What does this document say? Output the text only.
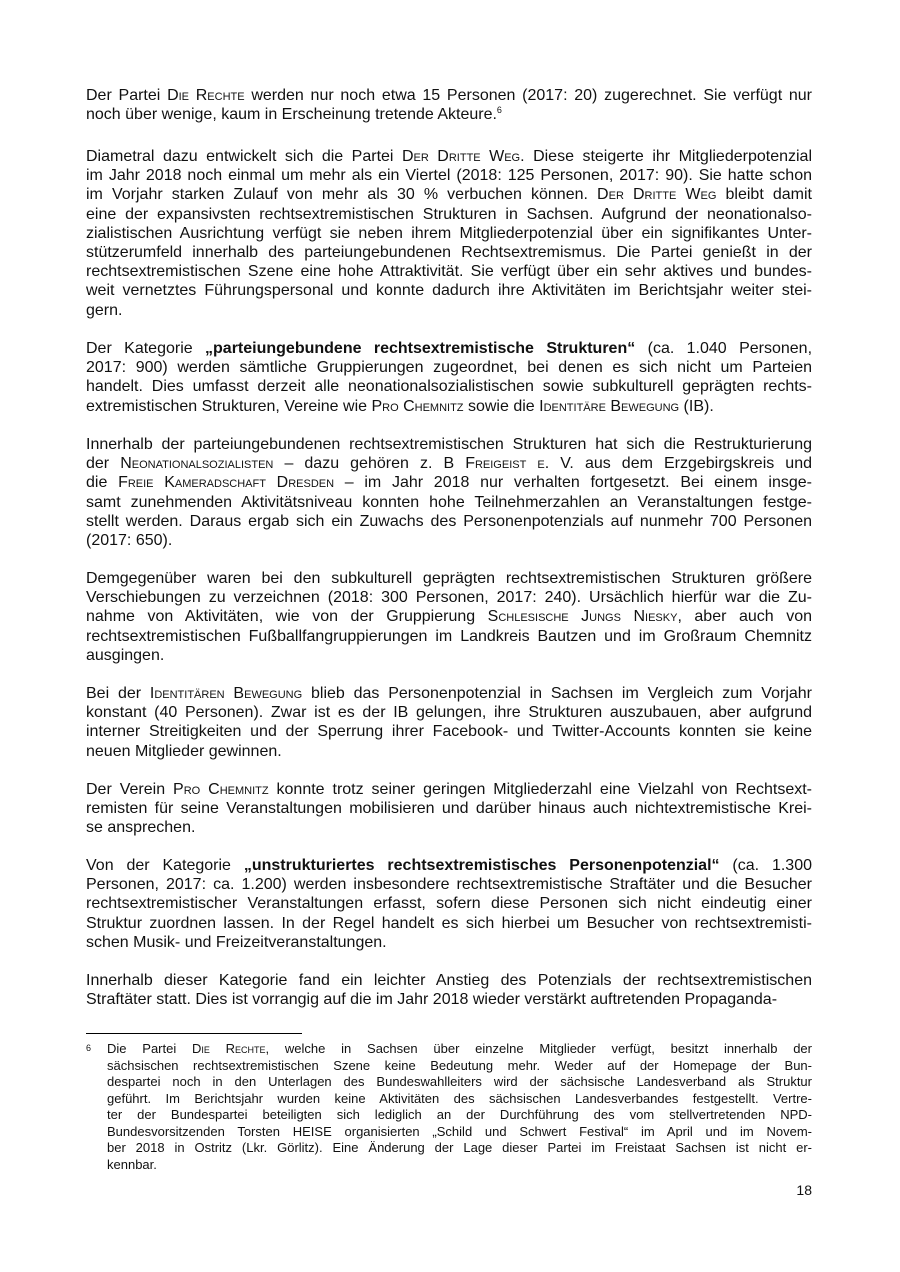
Der Partei Die Rechte werden nur noch etwa 15 Personen (2017: 20) zugerechnet. Sie verfügt nur
noch über wenige, kaum in Erscheinung tretende Akteure.$^6$
Diametral dazu entwickelt sich die Partei Der Dritte Weg. Diese steigerte ihr Mitgliederpotenzial
im Jahr 2018 noch einmal um mehr als ein Viertel (2018: 125 Personen, 2017: 90). Sie hatte schon
im Vorjahr starken Zulauf von mehr als 30 % verbuchen können. Der Dritte Weg bleibt damit
eine der expansivsten rechtsextremistischen Strukturen in Sachsen. Aufgrund der neonationalso-
zialistischen Ausrichtung verfügt sie neben ihrem Mitgliederpotenzial über ein signifikantes Unter-
stützerumfeld innerhalb des parteiungebundenen Rechtsextremismus. Die Partei genießt in der
rechtsextremistischen Szene eine hohe Attraktivität. Sie verfügt über ein sehr aktives und bundes-
weit vernetztes Führungspersonal und konnte dadurch ihre Aktivitäten im Berichtsjahr weiter stei-
gern.
Der Kategorie „parteiungebundene rechtsextremistische Strukturen“ (ca. 1.040 Personen,
2017: 900) werden sämtliche Gruppierungen zugeordnet, bei denen es sich nicht um Parteien
handelt. Dies umfasst derzeit alle neonationalsozialistischen sowie subkulturell geprägten rechts-
extremistischen Strukturen, Vereine wie Pro Chemnitz sowie die Identitäre Bewegung (IB).
Innerhalb der parteiungebundenen rechtsextremistischen Strukturen hat sich die Restrukturierung
der Neonationalsozialisten – dazu gehören z. B Freigeist e. V. aus dem Erzgebirgskreis und
die Freie Kameradschaft Dresden – im Jahr 2018 nur verhalten fortgesetzt. Bei einem insge-
samt zunehmenden Aktivitätsniveau konnten hohe Teilnehmerzahlen an Veranstaltungen festge-
stellt werden. Daraus ergab sich ein Zuwachs des Personenpotenzials auf nunmehr 700 Personen
(2017: 650).
Demgegenüber waren bei den subkulturell geprägten rechtsextremistischen Strukturen größere
Verschiebungen zu verzeichnen (2018: 300 Personen, 2017: 240). Ursächlich hierfür war die Zu-
nahme von Aktivitäten, wie von der Gruppierung Schlesische Jungs Niesky, aber auch von
rechtsextremistischen Fußballfangruppierungen im Landkreis Bautzen und im Großraum Chemnitz
ausgingen.
Bei der Identitären Bewegung blieb das Personenpotenzial in Sachsen im Vergleich zum Vorjahr
konstant (40 Personen). Zwar ist es der IB gelungen, ihre Strukturen auszubauen, aber aufgrund
interner Streitigkeiten und der Sperrung ihrer Facebook- und Twitter-Accounts konnten sie keine
neuen Mitglieder gewinnen.
Der Verein Pro Chemnitz konnte trotz seiner geringen Mitgliederzahl eine Vielzahl von Rechtsext-
remisten für seine Veranstaltungen mobilisieren und darüber hinaus auch nichtextremistische Krei-
se ansprechen.
Von der Kategorie „unstrukturiertes rechtsextremistisches Personenpotenzial“ (ca. 1.300
Personen, 2017: ca. 1.200) werden insbesondere rechtsextremistische Straftäter und die Besucher
rechtsextremistischer Veranstaltungen erfasst, sofern diese Personen sich nicht eindeutig einer
Struktur zuordnen lassen. In der Regel handelt es sich hierbei um Besucher von rechtsextremisti-
schen Musik- und Freizeitveranstaltungen.
Innerhalb dieser Kategorie fand ein leichter Anstieg des Potenzials der rechtsextremistischen
Straftäter statt. Dies ist vorrangig auf die im Jahr 2018 wieder verstärkt auftretenden Propaganda-
6 Die Partei Die Rechte, welche in Sachsen über einzelne Mitglieder verfügt, besitzt innerhalb der
sächsischen rechtsextremistischen Szene keine Bedeutung mehr. Weder auf der Homepage der Bun-
despartei noch in den Unterlagen des Bundeswahlleiters wird der sächsische Landesverband als Struktur
geführt. Im Berichtsjahr wurden keine Aktivitäten des sächsischen Landesverbandes festgestellt. Vertre-
ter der Bundespartei beteiligten sich lediglich an der Durchführung des vom stellvertretenden NPD-
Bundesvorsitzenden Torsten HEISE organisierten „Schild und Schwert Festival“ im April und im Novem-
ber 2018 in Ostritz (Lkr. Görlitz). Eine Änderung der Lage dieser Partei im Freistaat Sachsen ist nicht er-
kennbar.
18
